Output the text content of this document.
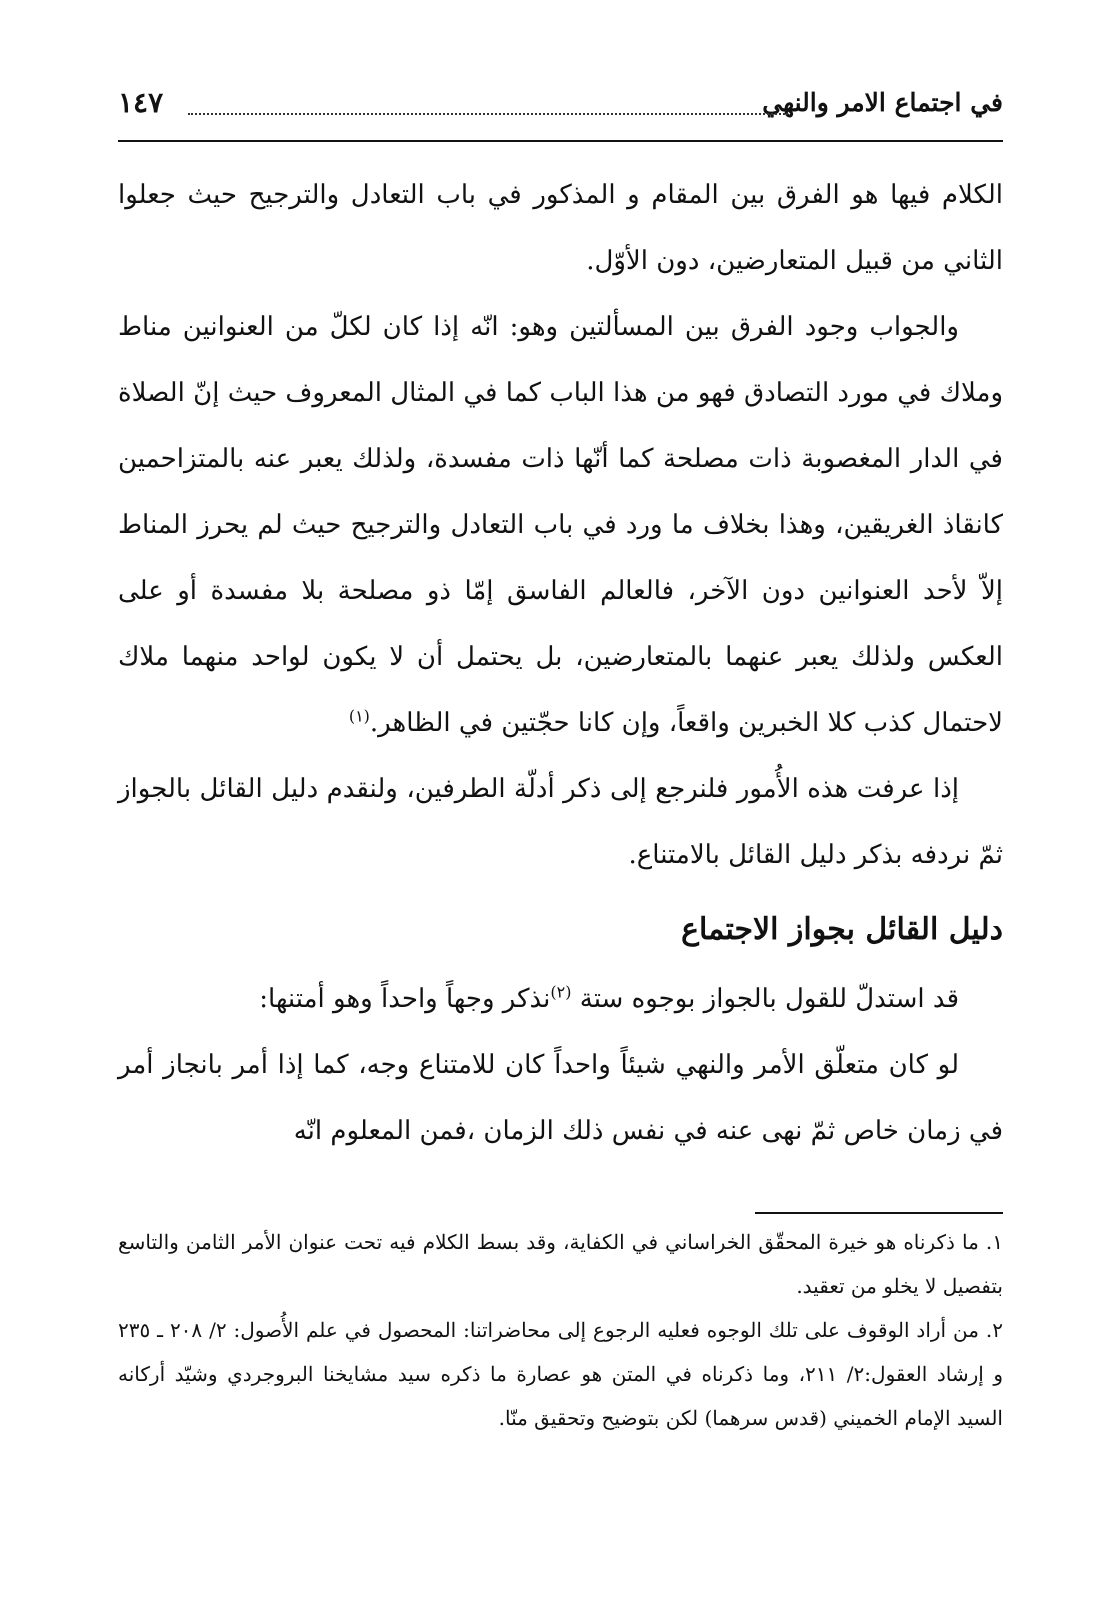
في اجتماع الامر والنهي
١٤٧

الكلام فيها هو الفرق بين المقام و المذكور في باب التعادل والترجيح حيث جعلوا الثاني من قبيل المتعارضين، دون الأوّل.

والجواب وجود الفرق بين المسألتين وهو: انّه إذا كان لكلّ من العنوانين مناط وملاك في مورد التصادق فهو من هذا الباب كما في المثال المعروف حيث إنّ الصلاة في الدار المغصوبة ذات مصلحة كما أنّها ذات مفسدة، ولذلك يعبر عنه بالمتزاحمين كانقاذ الغريقين، وهذا بخلاف ما ورد في باب التعادل والترجيح حيث لم يحرز المناط إلاّ لأحد العنوانين دون الآخر، فالعالم الفاسق إمّا ذو مصلحة بلا مفسدة أو على العكس ولذلك يعبر عنهما بالمتعارضين، بل يحتمل أن لا يكون لواحد منهما ملاك لاحتمال كذب كلا الخبرين واقعاً، وإن كانا حجّتين في الظاهر.$^{(١)}$

إذا عرفت هذه الأُمور فلنرجع إلى ذكر أدلّة الطرفين، ولنقدم دليل القائل بالجواز ثمّ نردفه بذكر دليل القائل بالامتناع.

دليل القائل بجواز الاجتماع

قد استدلّ للقول بالجواز بوجوه ستة $^{(٢)}$نذكر وجهاً واحداً وهو أمتنها:

لو كان متعلّق الأمر والنهي شيئاً واحداً كان للامتناع وجه، كما إذا أمر بانجاز أمر في زمان خاص ثمّ نهى عنه في نفس ذلك الزمان ،فمن المعلوم انّه

١. ما ذكرناه هو خيرة المحقّق الخراساني في الكفاية، وقد بسط الكلام فيه تحت عنوان الأمر الثامن والتاسع بتفصيل لا يخلو من تعقيد.

٢. من أراد الوقوف على تلك الوجوه فعليه الرجوع إلى محاضراتنا: المحصول في علم الأُصول: ٢/ ٢٠٨ ـ ٢٣٥ و إرشاد العقول:٢/ ٢١١، وما ذكرناه في المتن هو عصارة ما ذكره سيد مشايخنا البروجردي وشيّد أركانه السيد الإمام الخميني (قدس سرهما) لكن بتوضيح وتحقيق منّا.
